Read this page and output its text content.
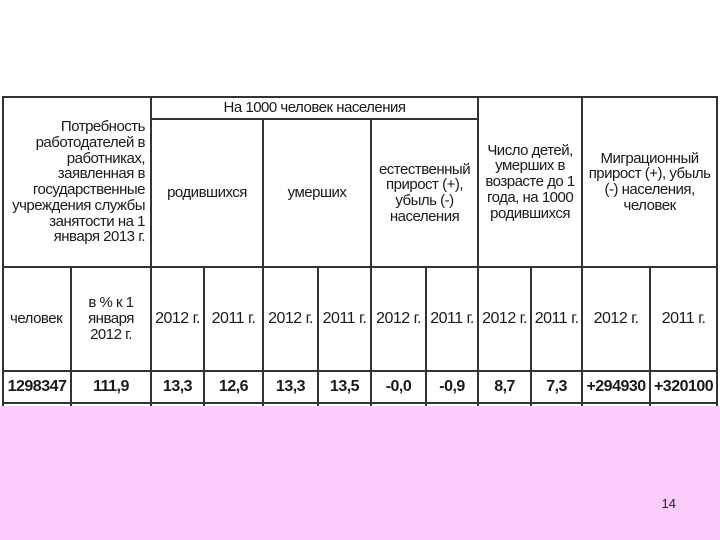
Потребность работодателей в работниках, заявленная в государственные учреждения службы занятости на 1 января 2013 г.		На 1000 человек населения						Число детей, умерших в возрасте до 1 года, на 1000 родившихся		Миграционный прирост (+), убыль (-) населения, человек	
		родившихся		умерших		естественный прирост (+), убыль (-) населения					

человек	в % к 1 января 2012 г.	2012 г.	2011 г.	2012 г.	2011 г.	2012 г.	2011 г.	2012 г.	2011 г.	2012 г.	2011 г.
1298347	111,9	13,3	12,6	13,3	13,5	-0,0	-0,9	8,7	7,3	+294930	+320100

14
